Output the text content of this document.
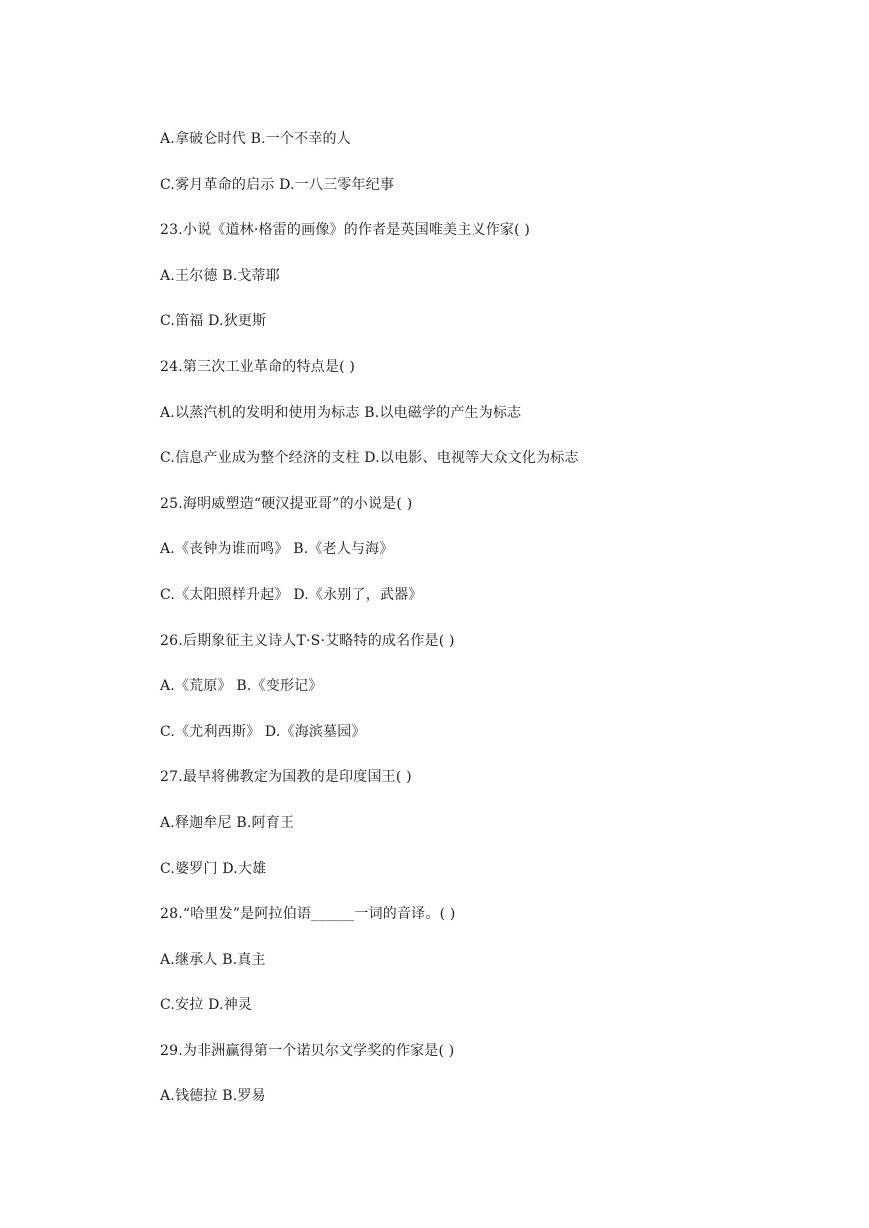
A.拿破仑时代 B.一个不幸的人
C.雾月革命的启示 D.一八三零年纪事
23.小说《道林·格雷的画像》的作者是英国唯美主义作家( )
A.王尔德 B.戈蒂耶
C.笛福 D.狄更斯
24.第三次工业革命的特点是( )
A.以蒸汽机的发明和使用为标志 B.以电磁学的产生为标志
C.信息产业成为整个经济的支柱 D.以电影、电视等大众文化为标志
25.海明威塑造“硬汉提亚哥”的小说是( )
A.《丧钟为谁而鸣》 B.《老人与海》
C.《太阳照样升起》 D.《永别了，武器》
26.后期象征主义诗人T·S·艾略特的成名作是( )
A.《荒原》 B.《变形记》
C.《尤利西斯》 D.《海滨墓园》
27.最早将佛教定为国教的是印度国王( )
A.释迦牟尼 B.阿育王
C.婆罗门 D.大雄
28.“哈里发”是阿拉伯语______一词的音译。( )
A.继承人 B.真主
C.安拉 D.神灵
29.为非洲赢得第一个诺贝尔文学奖的作家是( )
A.钱德拉 B.罗易
